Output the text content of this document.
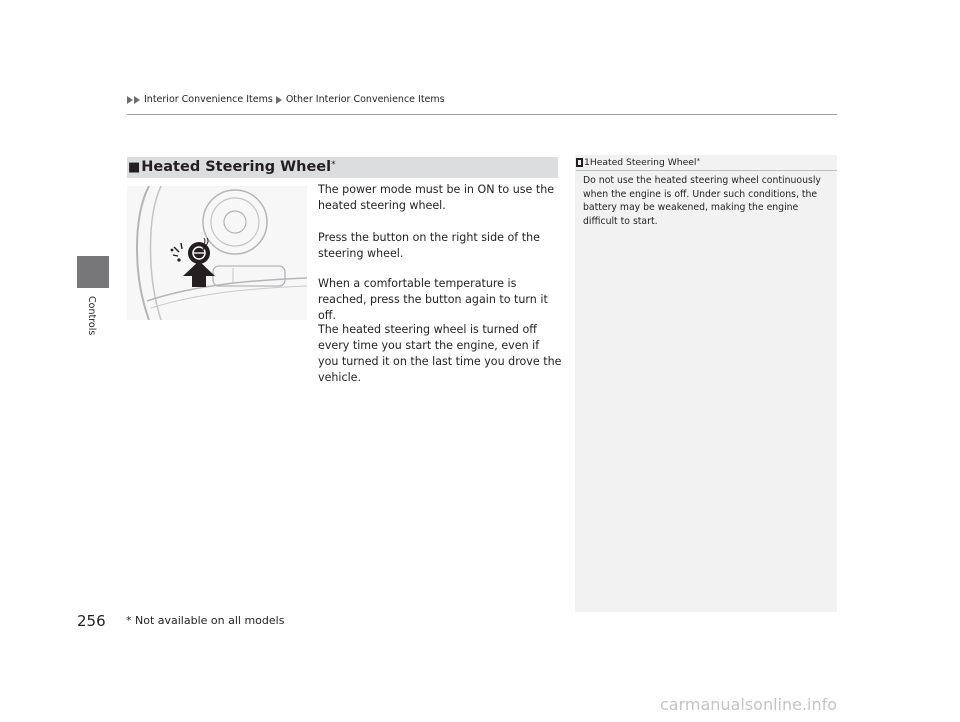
Interior Convenience Items Other Interior Convenience Items
Controls
■Heated Steering Wheel*
The power mode must be in ON to use the heated steering wheel.
Press the button on the right side of the steering wheel.
When a comfortable temperature is reached, press the button again to turn it off.
The heated steering wheel is turned off every time you start the engine, even if you turned it on the last time you drove the vehicle.
1 Heated Steering Wheel*
Do not use the heated steering wheel continuously when the engine is off. Under such conditions, the battery may be weakened, making the engine difficult to start.
256 * Not available on all models
carmanualsonline.info
